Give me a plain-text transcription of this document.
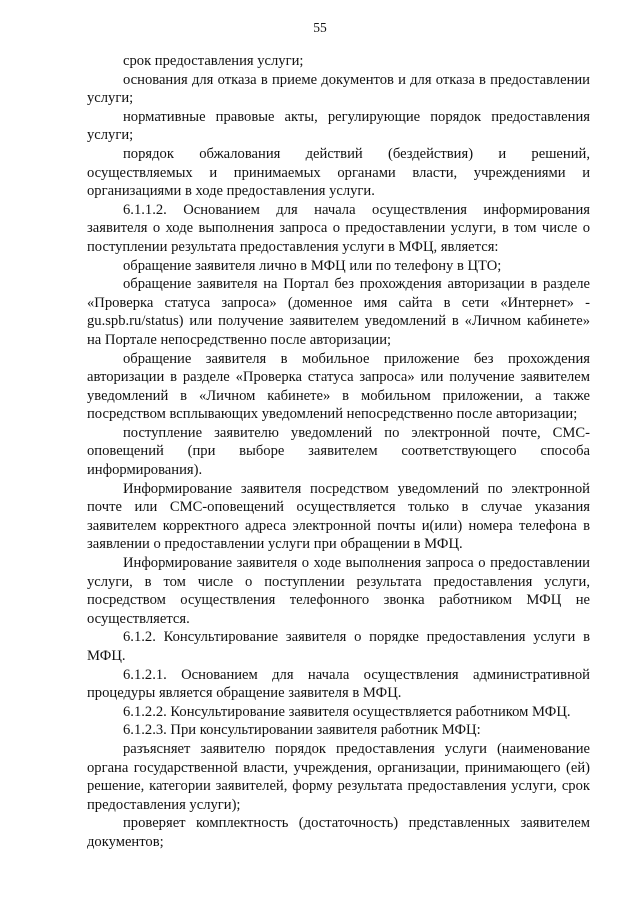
55

срок предоставления услуги;

основания для отказа в приеме документов и для отказа в предоставлении услуги;

нормативные правовые акты, регулирующие порядок предоставления услуги;

порядок обжалования действий (бездействия) и решений, осуществляемых и принимаемых органами власти, учреждениями и организациями в ходе предоставления услуги.

6.1.1.2. Основанием для начала осуществления информирования заявителя о ходе выполнения запроса о предоставлении услуги, в том числе о поступлении результата предоставления услуги в МФЦ, является:

обращение заявителя лично в МФЦ или по телефону в ЦТО;

обращение заявителя на Портал без прохождения авторизации в разделе «Проверка статуса запроса» (доменное имя сайта в сети «Интернет» - gu.spb.ru/status) или получение заявителем уведомлений в «Личном кабинете» на Портале непосредственно после авторизации;

обращение заявителя в мобильное приложение без прохождения авторизации в разделе «Проверка статуса запроса» или получение заявителем уведомлений в «Личном кабинете» в мобильном приложении, а также посредством всплывающих уведомлений непосредственно после авторизации;

поступление заявителю уведомлений по электронной почте, СМС-оповещений (при выборе заявителем соответствующего способа информирования).

Информирование заявителя посредством уведомлений по электронной почте или СМС-оповещений осуществляется только в случае указания заявителем корректного адреса электронной почты и(или) номера телефона в заявлении о предоставлении услуги при обращении в МФЦ.

Информирование заявителя о ходе выполнения запроса о предоставлении услуги, в том числе о поступлении результата предоставления услуги, посредством осуществления телефонного звонка работником МФЦ не осуществляется.

6.1.2. Консультирование заявителя о порядке предоставления услуги в МФЦ.

6.1.2.1. Основанием для начала осуществления административной процедуры является обращение заявителя в МФЦ.

6.1.2.2. Консультирование заявителя осуществляется работником МФЦ.

6.1.2.3. При консультировании заявителя работник МФЦ:

разъясняет заявителю порядок предоставления услуги (наименование органа государственной власти, учреждения, организации, принимающего (ей) решение, категории заявителей, форму результата предоставления услуги, срок предоставления услуги);

проверяет комплектность (достаточность) представленных заявителем документов;
